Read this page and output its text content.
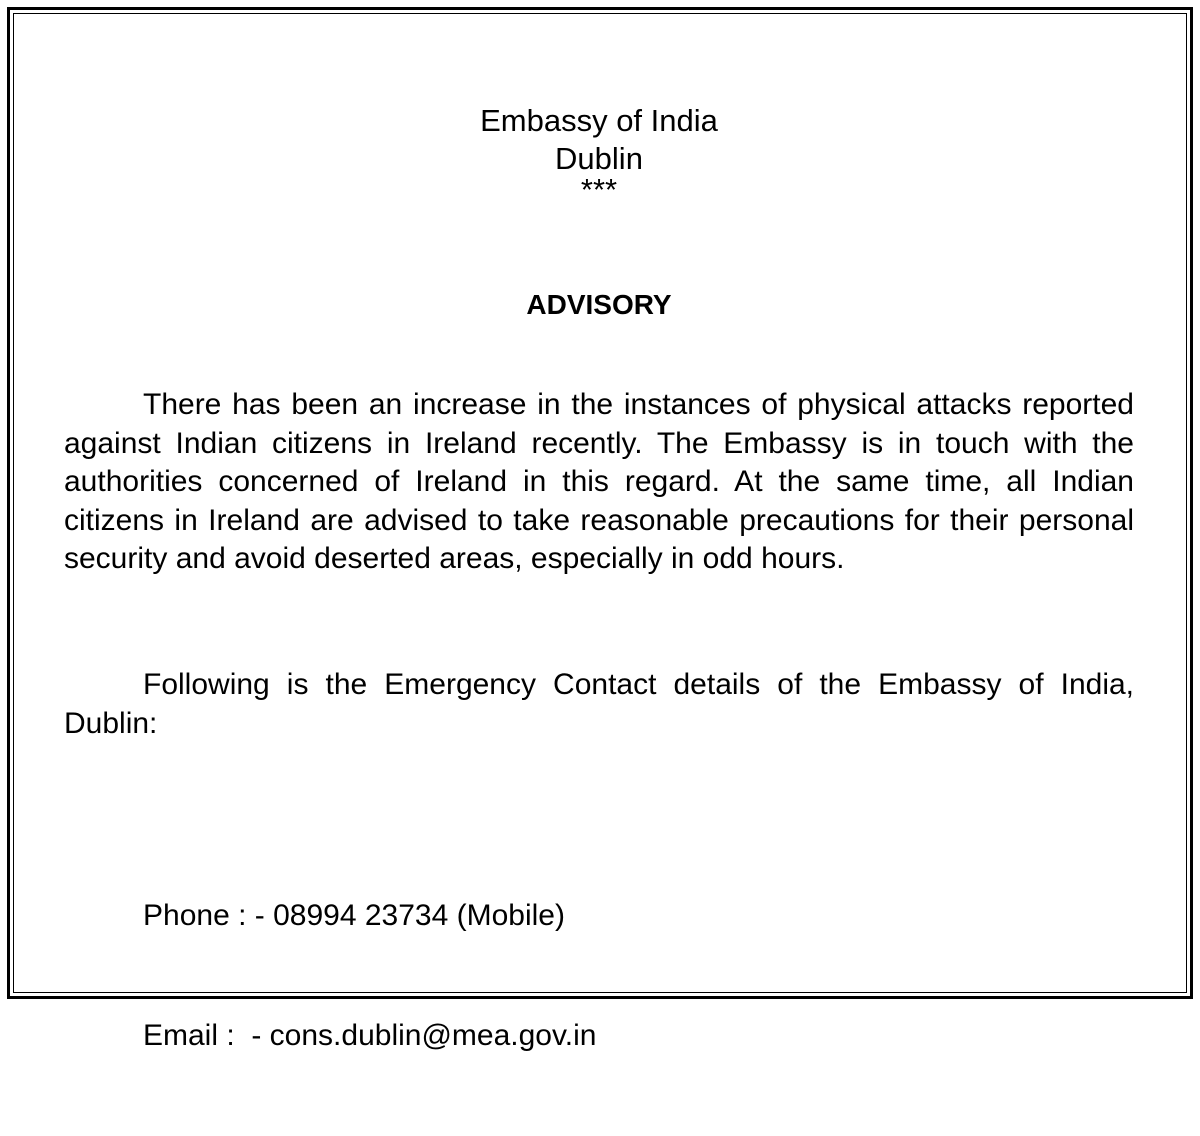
Embassy of India

Dublin

***

ADVISORY

There has been an increase in the instances of physical attacks reported against Indian citizens in Ireland recently. The Embassy is in touch with the authorities concerned of Ireland in this regard. At the same time, all Indian citizens in Ireland are advised to take reasonable precautions for their personal security and avoid deserted areas, especially in odd hours.

Following is the Emergency Contact details of the Embassy of India, Dublin:

Phone : - 08994 23734 (Mobile)

Email :  - cons.dublin@mea.gov.in
